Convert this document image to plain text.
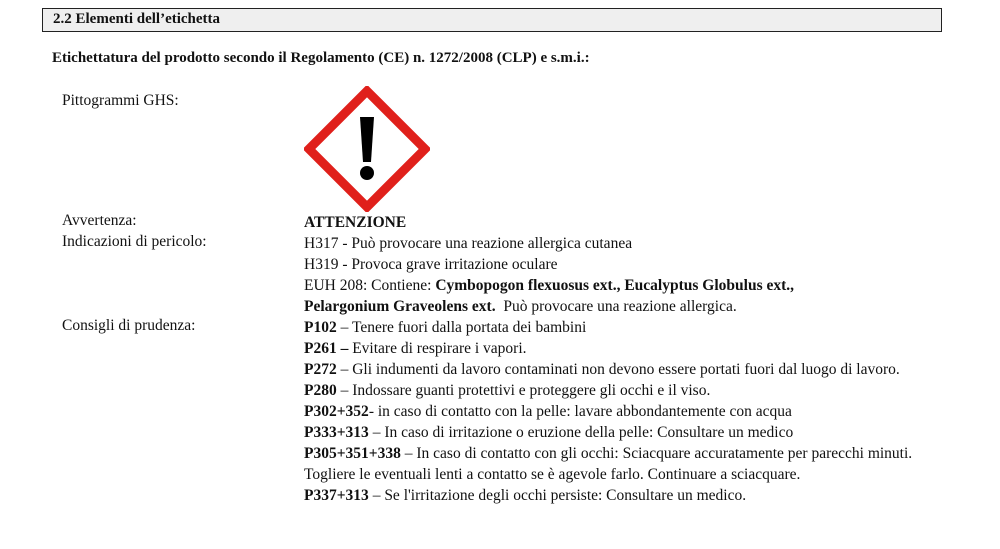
2.2 Elementi dell’etichetta
Etichettatura del prodotto secondo il Regolamento (CE) n. 1272/2008 (CLP) e s.m.i.:
Pittogrammi GHS:
Avvertenza:	ATTENZIONE
Indicazioni di pericolo:	H317 - Può provocare una reazione allergica cutanea
H319 - Provoca grave irritazione oculare
EUH 208: Contiene: Cymbopogon flexuosus ext., Eucalyptus Globulus ext.,
Pelargonium Graveolens ext.  Può provocare una reazione allergica.
Consigli di prudenza:	P102 – Tenere fuori dalla portata dei bambini
P261 – Evitare di respirare i vapori.
P272 – Gli indumenti da lavoro contaminati non devono essere portati fuori dal luogo di lavoro.
P280 – Indossare guanti protettivi e proteggere gli occhi e il viso.
P302+352- in caso di contatto con la pelle: lavare abbondantemente con acqua
P333+313 – In caso di irritazione o eruzione della pelle: Consultare un medico
P305+351+338 – In caso di contatto con gli occhi: Sciacquare accuratamente per parecchi minuti. Togliere le eventuali lenti a contatto se è agevole farlo. Continuare a sciacquare.
P337+313 – Se l'irritazione degli occhi persiste: Consultare un medico.
